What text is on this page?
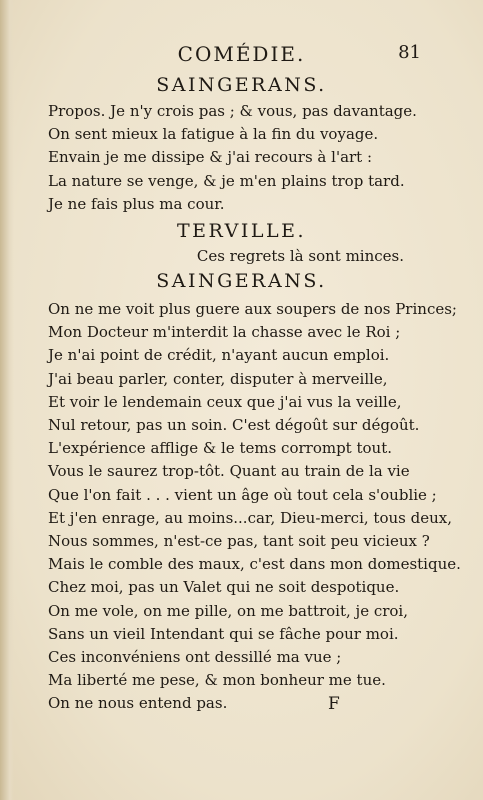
COMÉDIE.	81
SAINGERANS.
Propos. Je n'y crois pas ; & vous, pas davantage.
On sent mieux la fatigue à la fin du voyage.
Envain je me dissipe & j'ai recours à l'art :
La nature se venge, & je m'en plains trop tard.
Je ne fais plus ma cour.
TERVILLE.
Ces regrets là sont minces.
SAINGERANS.
On ne me voit plus guere aux soupers de nos Princes;
Mon Docteur m'interdit la chasse avec le Roi ;
Je n'ai point de crédit, n'ayant aucun emploi.
J'ai beau parler, conter, disputer à merveille,
Et voir le lendemain ceux que j'ai vus la veille,
Nul retour, pas un soin. C'est dégoût sur dégoût.
L'expérience afflige & le tems corrompt tout.
Vous le saurez trop-tôt. Quant au train de la vie
Que l'on fait . . . vient un âge où tout cela s'oublie ;
Et j'en enrage, au moins...car, Dieu-merci, tous deux,
Nous sommes, n'est-ce pas, tant soit peu vicieux ?
Mais le comble des maux, c'est dans mon domestique.
Chez moi, pas un Valet qui ne soit despotique.
On me vole, on me pille, on me battroit, je croi,
Sans un vieil Intendant qui se fâche pour moi.
Ces inconvéniens ont dessillé ma vue ;
Ma liberté me pese, & mon bonheur me tue.
On ne nous entend pas.	F
